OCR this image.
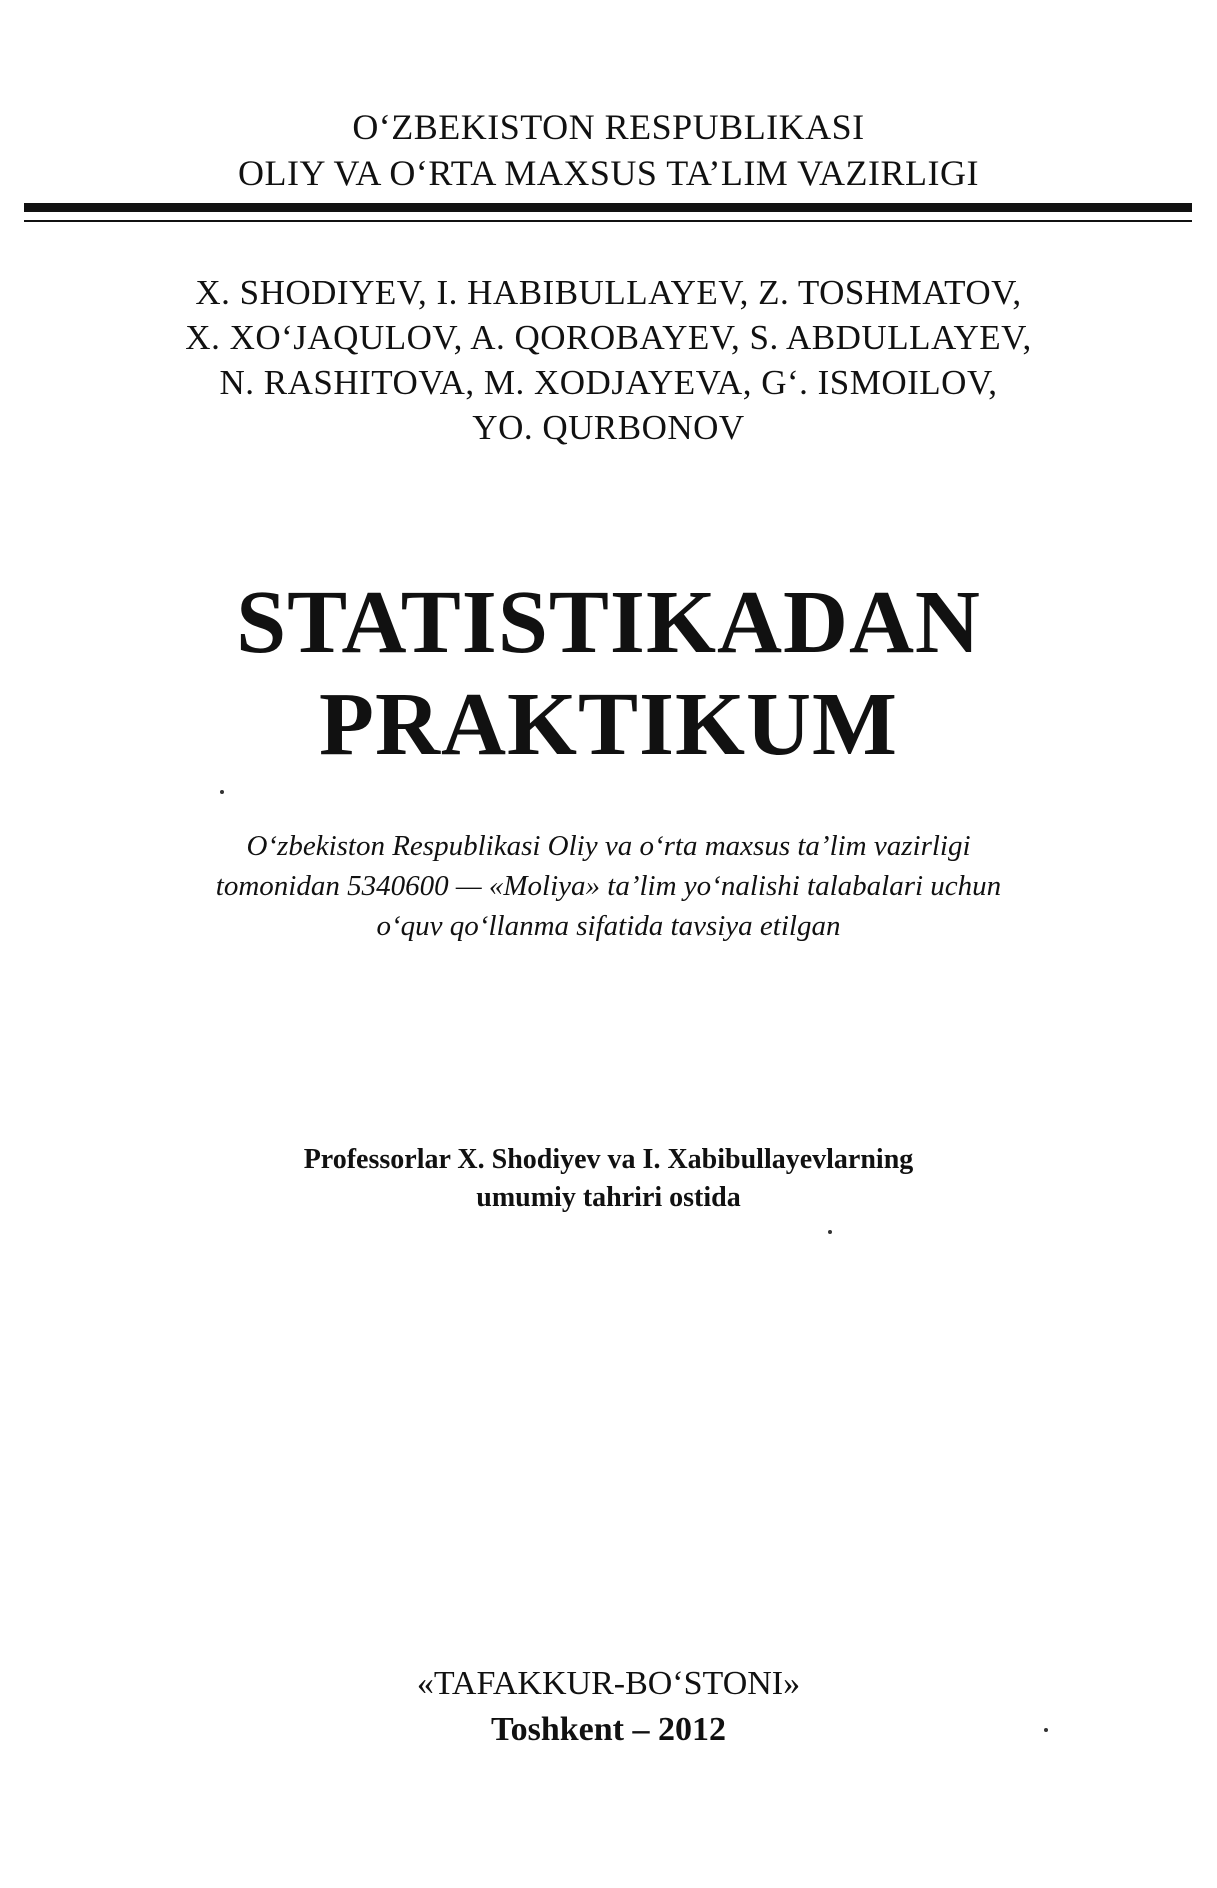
O‘ZBEKISTON RESPUBLIKASI
OLIY VA O‘RTA MAXSUS TA’LIM VAZIRLIGI
X. SHODIYEV, I. HABIBULLAYEV, Z. TOSHMATOV,
X. XO‘JAQULOV, A. QOROBAYEV, S. ABDULLAYEV,
N. RASHITOVA, M. XODJAYEVA, G‘. ISMOILOV,
YO. QURBONOV
STATISTIKADAN
PRAKTIKUM
O‘zbekiston Respublikasi Oliy va o‘rta maxsus ta’lim vazirligi
tomonidan 5340600 — «Moliya» ta’lim yo‘nalishi talabalari uchun
o‘quv qo‘llanma sifatida tavsiya etilgan
Professorlar X. Shodiyev va I. Xabibullayevlarning
umumiy tahriri ostida
«TAFAKKUR-BO‘STONI»
Toshkent – 2012
